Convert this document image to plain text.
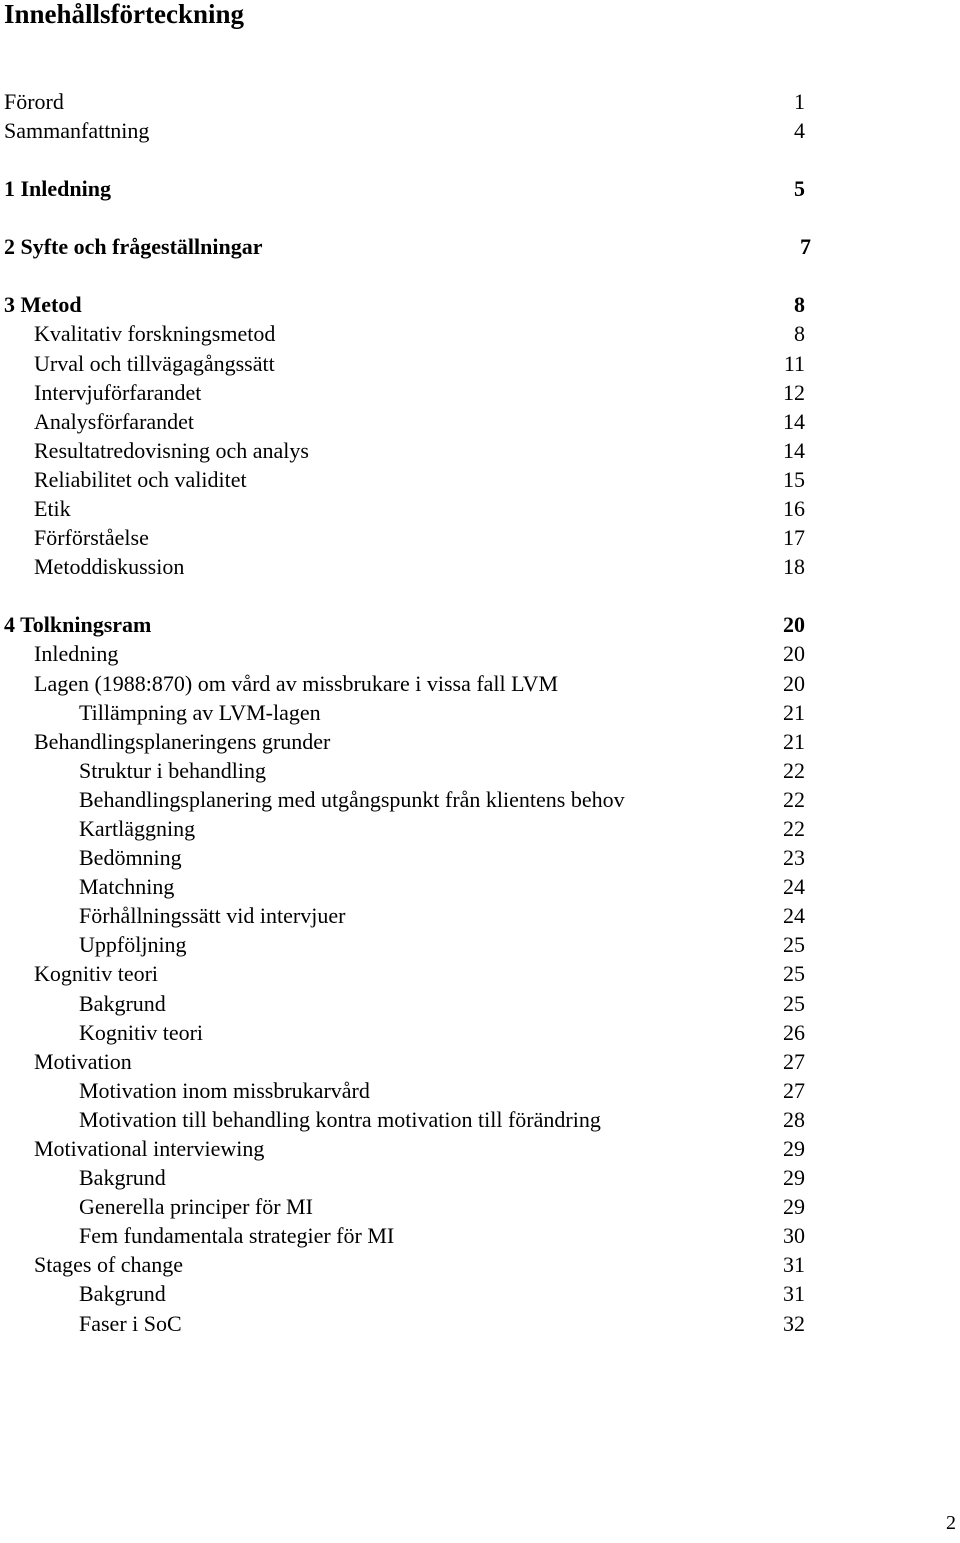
Innehållsförteckning
Förord	1
Sammanfattning	4
1 Inledning	5
2 Syfte och frågeställningar	7
3 Metod	8
Kvalitativ forskningsmetod	8
Urval och tillvägagångssätt	11
Intervjuförfarandet	12
Analysförfarandet	14
Resultatredovisning och analys	14
Reliabilitet och validitet	15
Etik	16
Förförståelse	17
Metoddiskussion	18
4 Tolkningsram	20
Inledning	20
Lagen (1988:870) om vård av missbrukare i vissa fall LVM	20
Tillämpning av LVM-lagen	21
Behandlingsplaneringens grunder	21
Struktur i behandling	22
Behandlingsplanering med utgångspunkt från klientens behov	22
Kartläggning	22
Bedömning	23
Matchning	24
Förhållningssätt vid intervjuer	24
Uppföljning	25
Kognitiv teori	25
Bakgrund	25
Kognitiv teori	26
Motivation	27
Motivation inom missbrukarvård	27
Motivation till behandling kontra motivation till förändring	28
Motivational interviewing	29
Bakgrund	29
Generella principer för MI	29
Fem fundamentala strategier för MI	30
Stages of change	31
Bakgrund	31
Faser i SoC	32
2
